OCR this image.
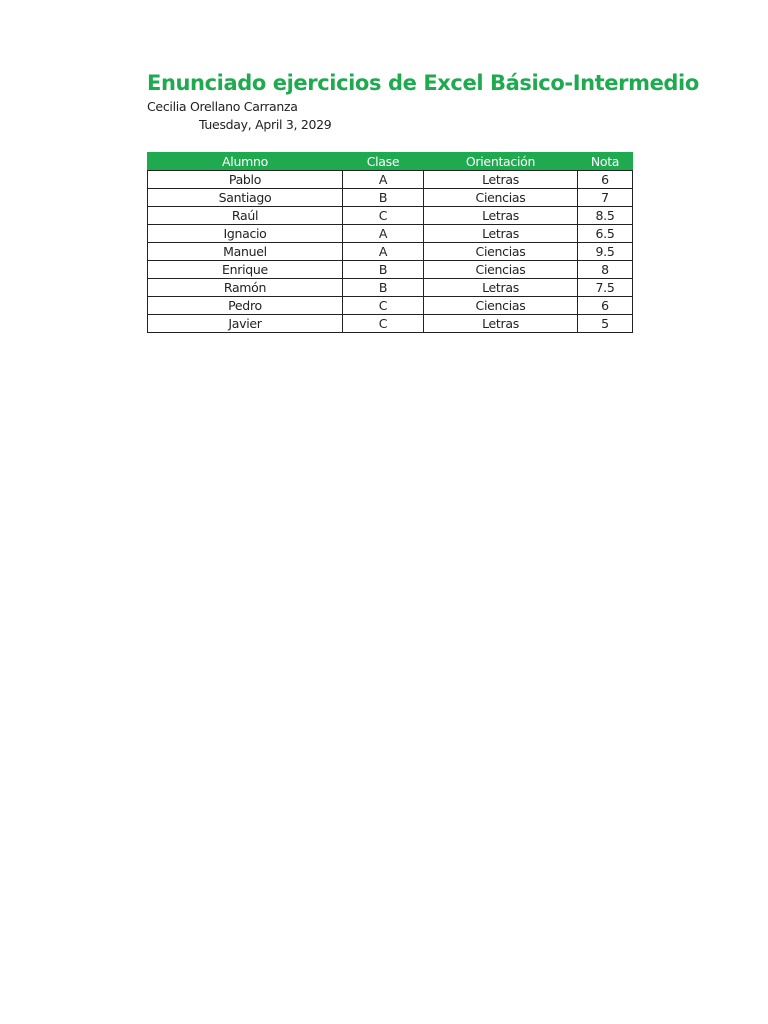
Enunciado ejercicios de Excel Básico-Intermedio
Cecilia Orellano Carranza
Tuesday, April 3, 2029
Alumno	Clase	Orientación	Nota
Pablo	A	Letras	6
Santiago	B	Ciencias	7
Raúl	C	Letras	8.5
Ignacio	A	Letras	6.5
Manuel	A	Ciencias	9.5
Enrique	B	Ciencias	8
Ramón	B	Letras	7.5
Pedro	C	Ciencias	6
Javier	C	Letras	5
